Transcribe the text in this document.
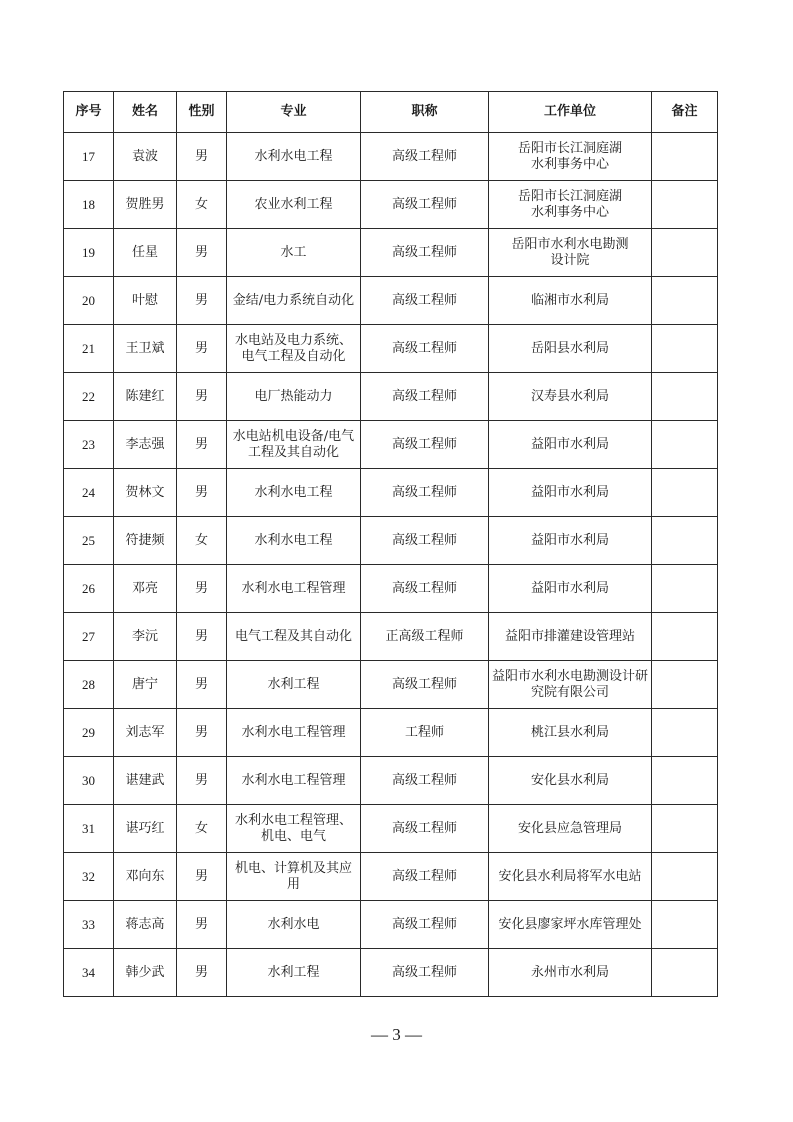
序号	姓名	性别	专业	职称	工作单位	备注

17	袁波	男	水利水电工程	高级工程师	岳阳市长江洞庭湖
水利事务中心	

18	贺胜男	女	农业水利工程	高级工程师	岳阳市长江洞庭湖
水利事务中心	

19	任星	男	水工	高级工程师	岳阳市水利水电勘测
设计院	

20	叶慰	男	金结/电力系统自动化	高级工程师	临湘市水利局	

21	王卫斌	男	水电站及电力系统、
电气工程及自动化	高级工程师	岳阳县水利局	

22	陈建红	男	电厂热能动力	高级工程师	汉寿县水利局	

23	李志强	男	水电站机电设备/电气
工程及其自动化	高级工程师	益阳市水利局	

24	贺林文	男	水利水电工程	高级工程师	益阳市水利局	

25	符捷频	女	水利水电工程	高级工程师	益阳市水利局	

26	邓亮	男	水利水电工程管理	高级工程师	益阳市水利局	

27	李沅	男	电气工程及其自动化	正高级工程师	益阳市排灌建设管理站	

28	唐宁	男	水利工程	高级工程师	益阳市水利水电勘测设计研
究院有限公司	

29	刘志军	男	水利水电工程管理	工程师	桃江县水利局	

30	谌建武	男	水利水电工程管理	高级工程师	安化县水利局	

31	谌巧红	女	水利水电工程管理、
机电、电气	高级工程师	安化县应急管理局	

32	邓向东	男	机电、计算机及其应
用	高级工程师	安化县水利局将军水电站	

33	蒋志高	男	水利水电	高级工程师	安化县廖家坪水库管理处	

34	韩少武	男	水利工程	高级工程师	永州市水利局	

— 3 —
